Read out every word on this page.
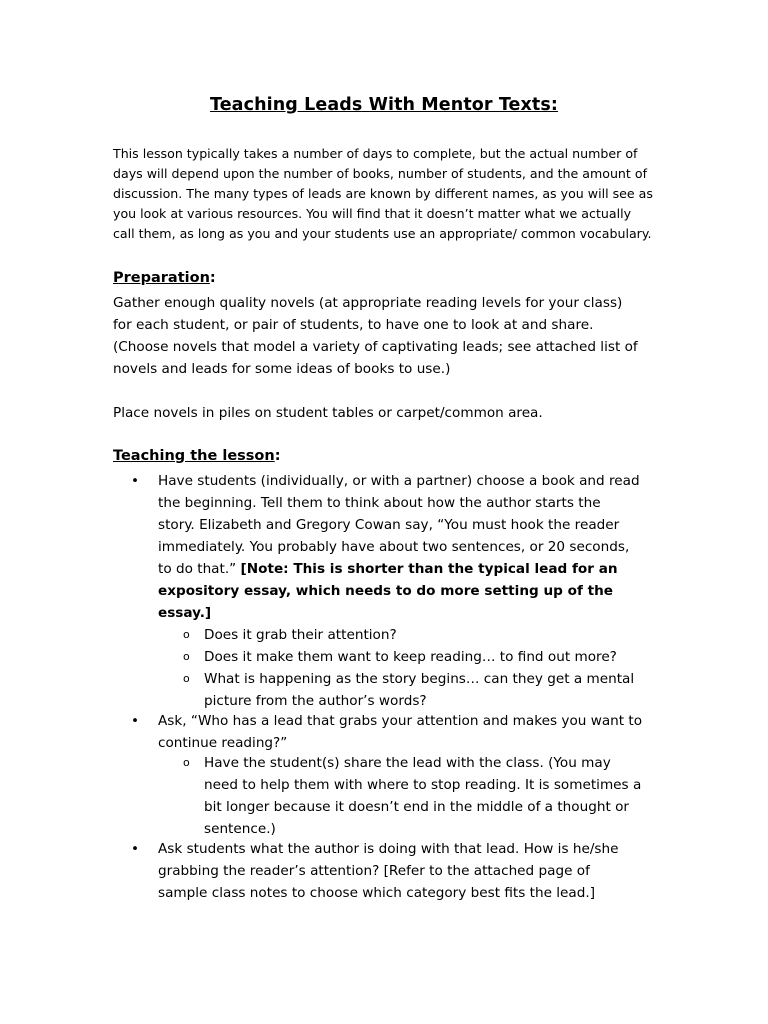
Teaching Leads With Mentor Texts:

This lesson typically takes a number of days to complete, but the actual number of
days will depend upon the number of books, number of students, and the amount of
discussion. The many types of leads are known by different names, as you will see as
you look at various resources. You will find that it doesn’t matter what we actually
call them, as long as you and your students use an appropriate/ common vocabulary.

Preparation:

Gather enough quality novels (at appropriate reading levels for your class)
for each student, or pair of students, to have one to look at and share.
(Choose novels that model a variety of captivating leads; see attached list of
novels and leads for some ideas of books to use.)

Place novels in piles on student tables or carpet/common area.

Teaching the lesson:

• Have students (individually, or with a partner) choose a book and read
the beginning. Tell them to think about how the author starts the
story. Elizabeth and Gregory Cowan say, “You must hook the reader
immediately. You probably have about two sentences, or 20 seconds,
to do that.” [Note: This is shorter than the typical lead for an
expository essay, which needs to do more setting up of the
essay.]

o Does it grab their attention?

o Does it make them want to keep reading… to find out more?

o What is happening as the story begins… can they get a mental
picture from the author’s words?

• Ask, “Who has a lead that grabs your attention and makes you want to
continue reading?”

o Have the student(s) share the lead with the class. (You may
need to help them with where to stop reading. It is sometimes a
bit longer because it doesn’t end in the middle of a thought or
sentence.)

• Ask students what the author is doing with that lead. How is he/she
grabbing the reader’s attention? [Refer to the attached page of
sample class notes to choose which category best fits the lead.]
